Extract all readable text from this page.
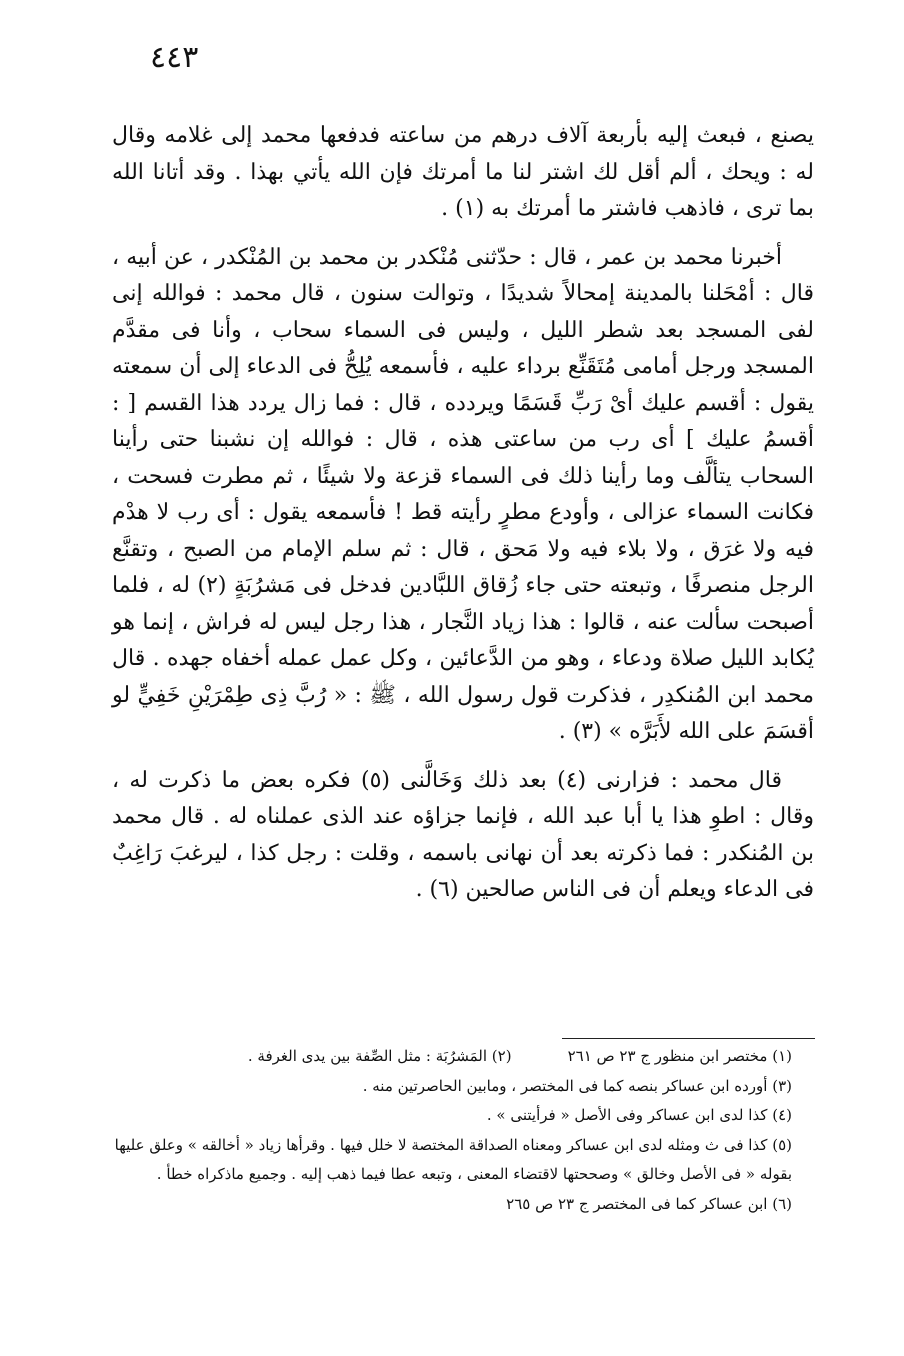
٤٤٣

يصنع ، فبعث إليه بأربعة آلاف درهم من ساعته فدفعها محمد إلى غلامه وقال له : ويحك ، ألم أقل لك اشتر لنا ما أمرتك فإن الله يأتي بهذا . وقد أتانا الله بما ترى ، فاذهب فاشتر ما أمرتك به (١) .

أخبرنا محمد بن عمر ، قال : حدّثنى مُنْكدر بن محمد بن المُنْكدر ، عن أبيه ، قال : أمْحَلنا بالمدينة إمحالاً شديدًا ، وتوالت سنون ، قال محمد : فوالله إنى لفى المسجد بعد شطر الليل ، وليس فى السماء سحاب ، وأنا فى مقدَّم المسجد ورجل أمامى مُتَقَنِّع برداء عليه ، فأسمعه يُلِحُّ فى الدعاء إلى أن سمعته يقول : أقسم عليك أىْ رَبِّ قَسَمًا ويردده ، قال : فما زال يردد هذا القسم [ : أقسمُ عليك ] أى رب من ساعتى هذه ، قال : فوالله إن نشبنا حتى رأينا السحاب يتألَّف وما رأينا ذلك فى السماء قزعة ولا شيئًا ، ثم مطرت فسحت ، فكانت السماء عزالى ، وأودع مطرٍ رأيته قط ! فأسمعه يقول : أى رب لا هدْم فيه ولا غرَق ، ولا بلاء فيه ولا مَحق ، قال : ثم سلم الإمام من الصبح ، وتقنَّع الرجل منصرفًا ، وتبعته حتى جاء زُقاق اللبَّادين فدخل فى مَشرُبَةٍ (٢) له ، فلما أصبحت سألت عنه ، قالوا : هذا زياد النَّجار ، هذا رجل ليس له فراش ، إنما هو يُكابد الليل صلاة ودعاء ، وهو من الدَّعائين ، وكل عمل عمله أخفاه جهده . قال محمد ابن المُنكدِر ، فذكرت قول رسول الله ، ﷺ : « رُبَّ ذِى طِمْرَيْنِ خَفِيٍّ لو أقسَمَ على الله لأَبَرَّه » (٣) .

قال محمد : فزارنى (٤) بعد ذلك وَخَالَّنى (٥) فكره بعض ما ذكرت له ، وقال : اطوِ هذا يا أبا عبد الله ، فإنما جزاؤه عند الذى عملناه له . قال محمد بن المُنكدر : فما ذكرته بعد أن نهانى باسمه ، وقلت : رجل كذا ، ليرغبَ رَاغِبٌ فى الدعاء ويعلم أن فى الناس صالحين (٦) .

(١) مختصر ابن منظور ج ٢٣ ص ٢٦١
(٢) المَشرُبَة : مثل الصِّفة بين يدى الغرفة .
(٣) أورده ابن عساكر بنصه كما فى المختصر ، ومابين الحاصرتين منه .
(٤) كذا لدى ابن عساكر وفى الأصل « فرأيتنى » .
(٥) كذا فى ث ومثله لدى ابن عساكر ومعناه الصداقة المختصة لا خلل فيها . وقرأها زياد « أخالقه » وعلق عليها بقوله « فى الأصل وخالق » وصححتها لاقتضاء المعنى ، وتبعه عطا فيما ذهب إليه . وجميع ماذكراه خطأ .
(٦) ابن عساكر كما فى المختصر ج ٢٣ ص ٢٦٥
